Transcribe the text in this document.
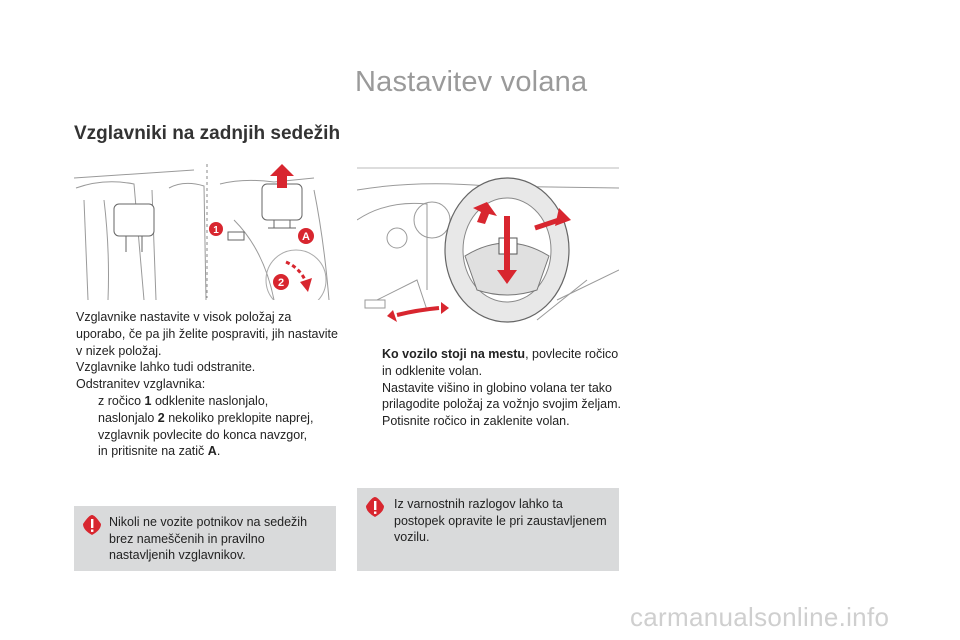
Nastavitev volana
Vzglavniki na zadnjih sedežih
1
A
2
Vzglavnike nastavite v visok položaj za
uporabo, če pa jih želite pospraviti, jih nastavite
v nizek položaj.
Vzglavnike lahko tudi odstranite.
Odstranitev vzglavnika:
z ročico 1 odklenite naslonjalo,
naslonjalo 2 nekoliko preklopite naprej,
vzglavnik povlecite do konca navzgor,
in pritisnite na zatič A.
Ko vozilo stoji na mestu, povlecite ročico
in odklenite volan.
Nastavite višino in globino volana ter tako
prilagodite položaj za vožnjo svojim željam.
Potisnite ročico in zaklenite volan.
Nikoli ne vozite potnikov na sedežih
brez nameščenih in pravilno
nastavljenih vzglavnikov.
Iz varnostnih razlogov lahko ta
postopek opravite le pri zaustavljenem
vozilu.
carmanualsonline.info
